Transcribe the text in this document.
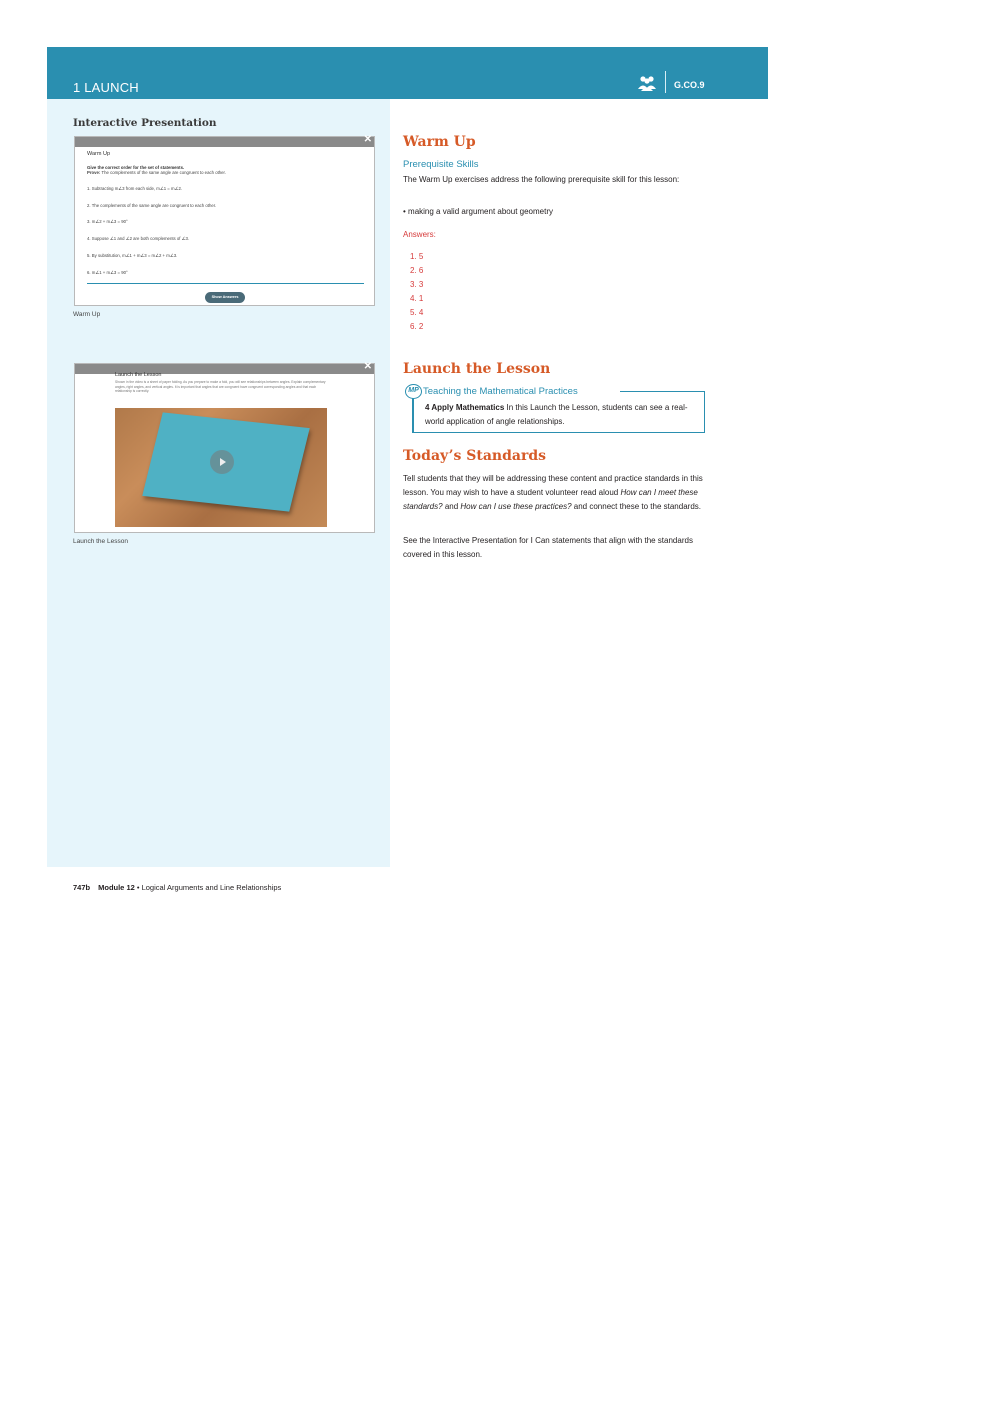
1 LAUNCH	G.CO.9
Interactive Presentation
✕
Warm Up
Give the correct order for the set of statements.
Prove: The complements of the same angle are congruent to each other.
1. Subtracting m∠3 from each side, m∠1 = m∠2.
2. The complements of the same angle are congruent to each other.
3. m∠2 + m∠3 = 90°
4. Suppose ∠1 and ∠2 are both complements of ∠3.
5. By substitution, m∠1 + m∠3 = m∠2 + m∠3.
6. m∠1 + m∠3 = 90°
Show Answers
Warm Up
✕
Launch the Lesson
Shown in the video is a sheet of paper folding. As you prepare to make a fold, you will see relationships between angles. Explain complementary angles, right angles, and vertical angles. It is important that angles that are congruent have congruent corresponding angles and that each relationship is correctly.
Launch the Lesson
Warm Up
Prerequisite Skills
The Warm Up exercises address the following prerequisite skill for this lesson:
• making a valid argument about geometry
Answers:
1. 5
2. 6
3. 3
4. 1
5. 4
6. 2
Launch the Lesson
MP Teaching the Mathematical Practices
4 Apply Mathematics In this Launch the Lesson, students can see a real-world application of angle relationships.
Today’s Standards
Tell students that they will be addressing these content and practice standards in this lesson. You may wish to have a student volunteer read aloud How can I meet these standards? and How can I use these practices? and connect these to the standards.
See the Interactive Presentation for I Can statements that align with the standards covered in this lesson.
747b Module 12 • Logical Arguments and Line Relationships
